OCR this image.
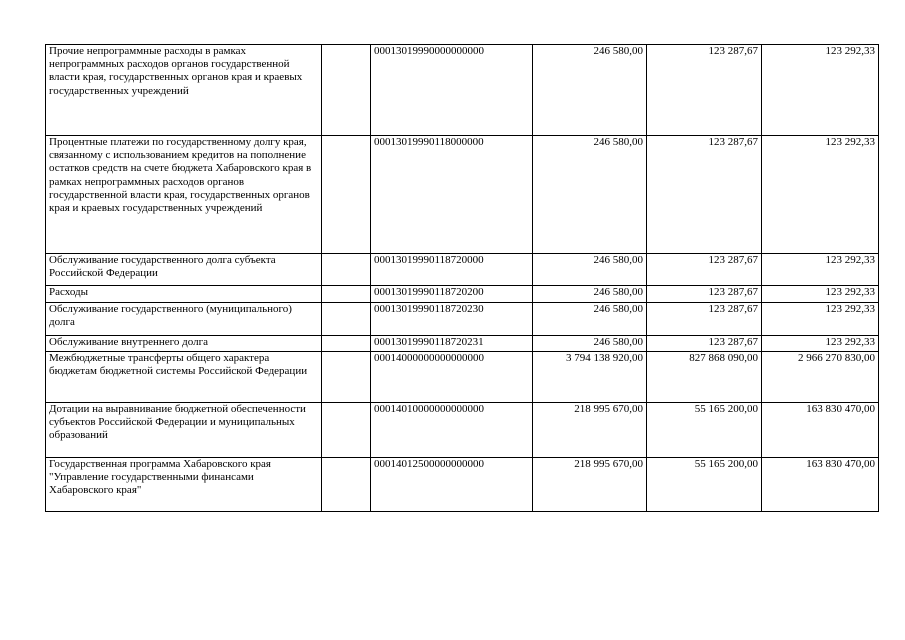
Прочие непрограммные расходы в рамках непрограммных расходов органов государственной власти края, государственных органов края и краевых государственных учреждений		00013019990000000000	246 580,00	123 287,67	123 292,33
Процентные платежи по государственному долгу края, связанному с использованием кредитов на пополнение остатков средств на счете бюджета Хабаровского края в рамках непрограммных расходов органов государственной власти края, государственных органов края и краевых государственных учреждений		00013019990118000000	246 580,00	123 287,67	123 292,33
Обслуживание государственного долга субъекта Российской Федерации		00013019990118720000	246 580,00	123 287,67	123 292,33
Расходы		00013019990118720200	246 580,00	123 287,67	123 292,33
Обслуживание государственного (муниципального) долга		00013019990118720230	246 580,00	123 287,67	123 292,33
Обслуживание внутреннего долга		00013019990118720231	246 580,00	123 287,67	123 292,33
Межбюджетные трансферты общего характера бюджетам бюджетной системы Российской Федерации		00014000000000000000	3 794 138 920,00	827 868 090,00	2 966 270 830,00
Дотации на выравнивание бюджетной обеспеченности субъектов Российской Федерации и муниципальных образований		00014010000000000000	218 995 670,00	55 165 200,00	163 830 470,00
Государственная программа Хабаровского края "Управление государственными финансами Хабаровского края"		00014012500000000000	218 995 670,00	55 165 200,00	163 830 470,00
